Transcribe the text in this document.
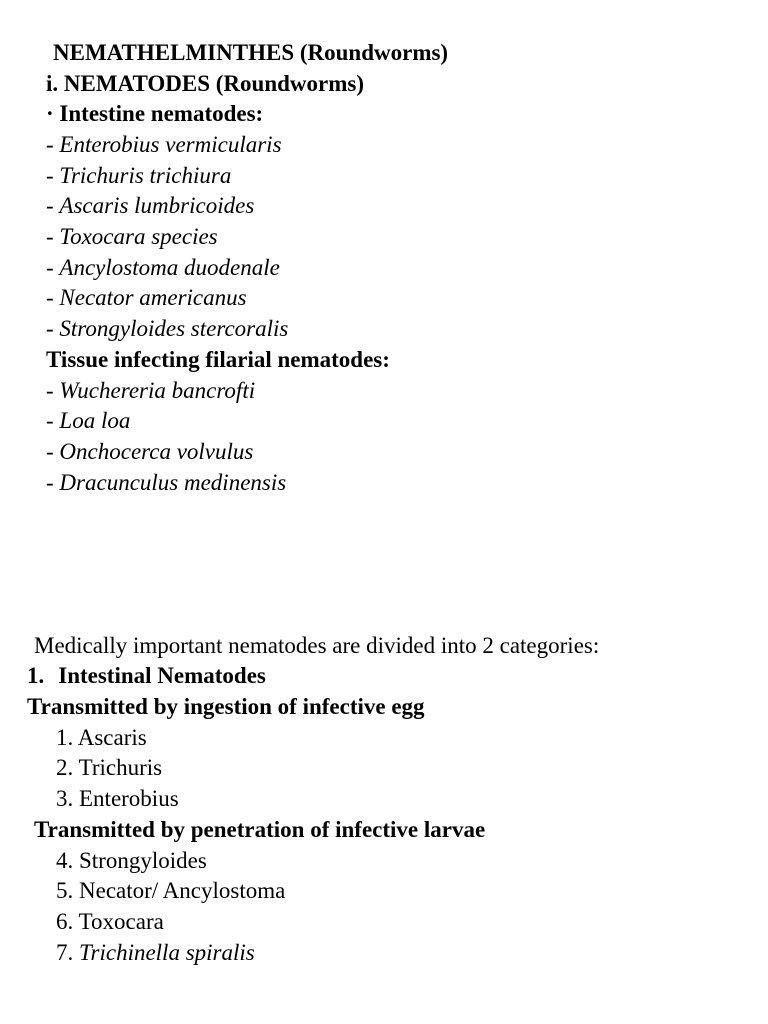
NEMATHELMINTHES (Roundworms)
i. NEMATODES (Roundworms)
· Intestine nematodes:
- Enterobius vermicularis
- Trichuris trichiura
- Ascaris lumbricoides
- Toxocara species
- Ancylostoma duodenale
- Necator americanus
- Strongyloides stercoralis
Tissue infecting filarial nematodes:
- Wuchereria bancrofti
- Loa loa
- Onchocerca volvulus
- Dracunculus medinensis
Medically important nematodes are divided into 2 categories:
1. Intestinal Nematodes
Transmitted by ingestion of infective egg
1. Ascaris
2. Trichuris
3. Enterobius
Transmitted by penetration of infective larvae
4. Strongyloides
5. Necator/ Ancylostoma
6. Toxocara
7. Trichinella spiralis
